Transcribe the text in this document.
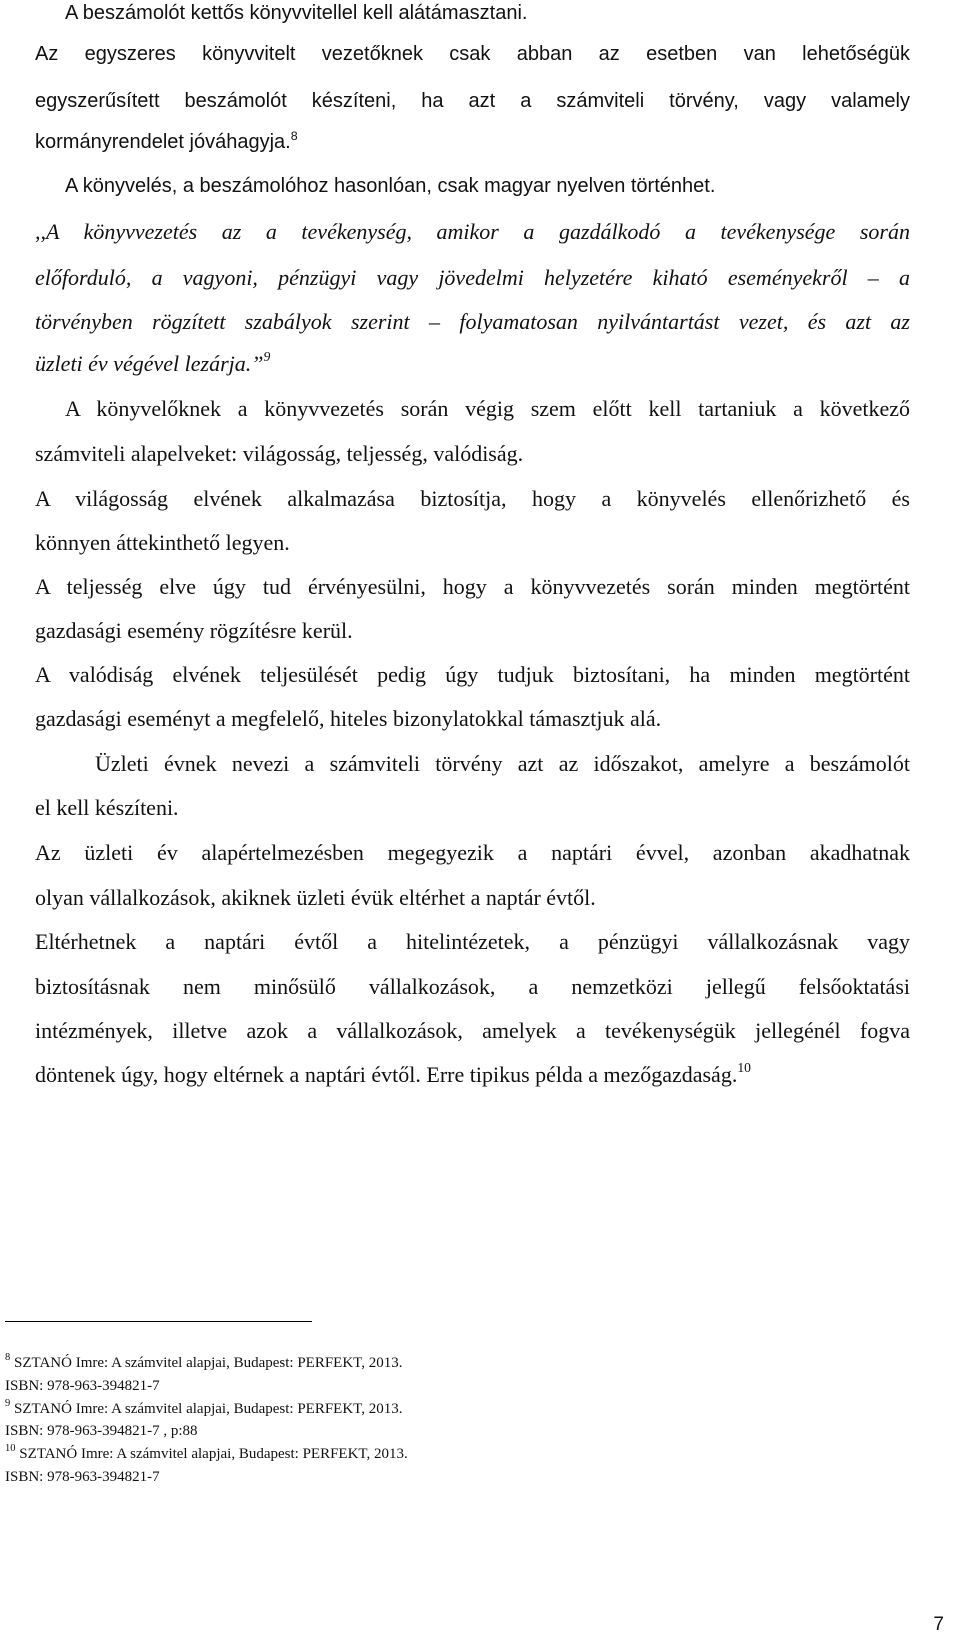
A beszámolót kettős könyvvitellel kell alátámasztani.
Az egyszeres könyvvitelt vezetőknek csak abban az esetben van lehetőségük
egyszerűsített beszámolót készíteni, ha azt a számviteli törvény, vagy valamely
kormányrendelet jóváhagyja.$^8$
A könyvelés, a beszámolóhoz hasonlóan, csak magyar nyelven történhet.
,,A könyvvezetés az a tevékenység, amikor a gazdálkodó a tevékenysége során
előforduló, a vagyoni, pénzügyi vagy jövedelmi helyzetére kiható eseményekről – a
törvényben rögzített szabályok szerint – folyamatosan nyilvántartást vezet, és azt az
üzleti év végével lezárja.”$^9$
A könyvelőknek a könyvvezetés során végig szem előtt kell tartaniuk a következő
számviteli alapelveket: világosság, teljesség, valódiság.
A világosság elvének alkalmazása biztosítja, hogy a könyvelés ellenőrizhető és
könnyen áttekinthető legyen.
A teljesség elve úgy tud érvényesülni, hogy a könyvvezetés során minden megtörtént
gazdasági esemény rögzítésre kerül.
A valódiság elvének teljesülését pedig úgy tudjuk biztosítani, ha minden megtörtént
gazdasági eseményt a megfelelő, hiteles bizonylatokkal támasztjuk alá.
Üzleti évnek nevezi a számviteli törvény azt az időszakot, amelyre a beszámolót
el kell készíteni.
Az üzleti év alapértelmezésben megegyezik a naptári évvel, azonban akadhatnak
olyan vállalkozások, akiknek üzleti évük eltérhet a naptár évtől.
Eltérhetnek a naptári évtől a hitelintézetek, a pénzügyi vállalkozásnak vagy
biztosításnak nem minősülő vállalkozások, a nemzetközi jellegű felsőoktatási
intézmények, illetve azok a vállalkozások, amelyek a tevékenységük jellegénél fogva
döntenek úgy, hogy eltérnek a naptári évtől. Erre tipikus példa a mezőgazdaság.$^{10}$
$^8$ SZTANÓ Imre: A számvitel alapjai, Budapest: PERFEKT, 2013.
ISBN: 978-963-394821-7
$^9$ SZTANÓ Imre: A számvitel alapjai, Budapest: PERFEKT, 2013.
ISBN: 978-963-394821-7 , p:88
$^{10}$ SZTANÓ Imre: A számvitel alapjai, Budapest: PERFEKT, 2013.
ISBN: 978-963-394821-7
7
